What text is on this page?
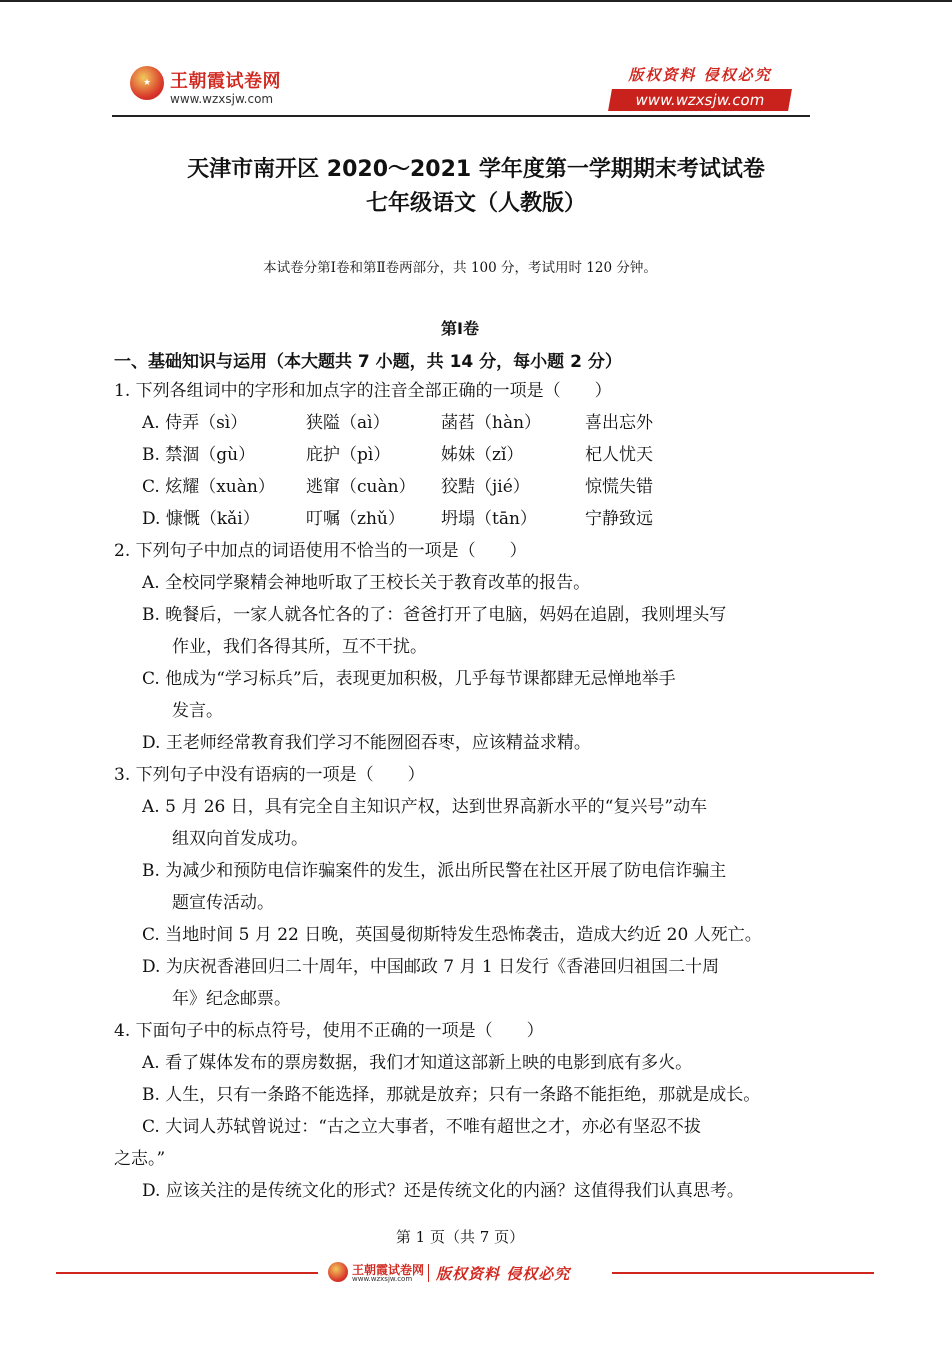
★	王朝霞试卷网
www.wzxsjw.com
版权资料 侵权必究
www.wzxsjw.com
天津市南开区 2020～2021 学年度第一学期期末考试试卷
七年级语文（人教版）
本试卷分第Ⅰ卷和第Ⅱ卷两部分，共 100 分，考试用时 120 分钟。
第Ⅰ卷
一、基础知识与运用（本大题共 7 小题，共 14 分，每小题 2 分）
1. 下列各组词中的字形和加点字的注音全部正确的一项是（　　）
A. 侍弄（sì）	狭隘（aì）	菡萏（hàn）	喜出忘外
B. 禁涸（gù）	庇护（pì）	姊妹（zǐ）	杞人忧天
C. 炫耀（xuàn） 逃窜（cuàn） 狡黠（jié）	惊慌失错
D. 慷慨（kǎi）	叮嘱（zhǔ） 坍塌（tān）	宁静致远
2. 下列句子中加点的词语使用不恰当的一项是（　　）
A. 全校同学聚精会神地听取了王校长关于教育改革的报告。
B. 晚餐后，一家人就各忙各的了：爸爸打开了电脑，妈妈在追剧，我则埋头写
作业，我们各得其所，互不干扰。
C. 他成为“学习标兵”后，表现更加积极，几乎每节课都肆无忌惮地举手
发言。
D. 王老师经常教育我们学习不能囫囵吞枣，应该精益求精。
3. 下列句子中没有语病的一项是（　　）
A. 5 月 26 日，具有完全自主知识产权，达到世界高新水平的“复兴号”动车
组双向首发成功。
B. 为减少和预防电信诈骗案件的发生，派出所民警在社区开展了防电信诈骗主
题宣传活动。
C. 当地时间 5 月 22 日晚，英国曼彻斯特发生恐怖袭击，造成大约近 20 人死亡。
D. 为庆祝香港回归二十周年，中国邮政 7 月 1 日发行《香港回归祖国二十周
年》纪念邮票。
4. 下面句子中的标点符号，使用不正确的一项是（　　）
A. 看了媒体发布的票房数据，我们才知道这部新上映的电影到底有多火。
B. 人生，只有一条路不能选择，那就是放弃；只有一条路不能拒绝，那就是成长。
C. 大词人苏轼曾说过：“古之立大事者，不唯有超世之才，亦必有坚忍不拔
之志。”
D. 应该关注的是传统文化的形式？还是传统文化的内涵？这值得我们认真思考。
第 1 页（共 7 页）
王朝霞试卷网
www.wzxsjw.com 版权资料 侵权必究
